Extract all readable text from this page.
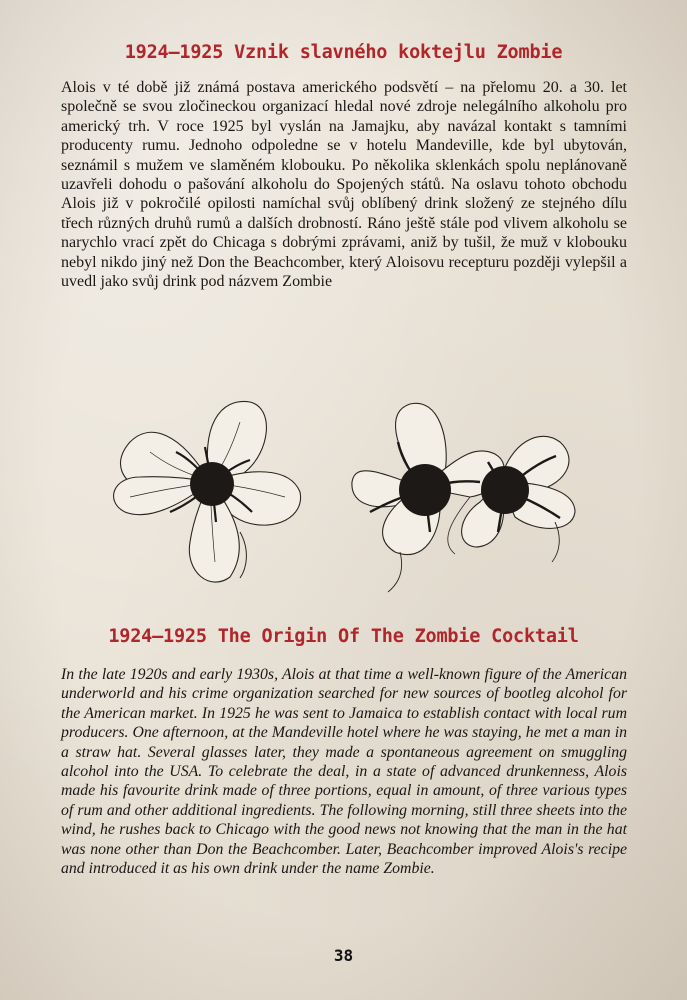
1924—1925 Vznik slavného koktejlu Zombie

Alois v té době již známá postava amerického podsvětí – na přelomu 20. a 30. let společně se svou zločineckou organizací hledal nové zdroje nelegálního alkoholu pro americký trh. V roce 1925 byl vyslán na Jamajku, aby navázal kontakt s tamními producenty rumu. Jednoho odpoledne se v hotelu Mandeville, kde byl ubytován, seznámil s mužem ve slaměném klobouku. Po několika sklenkách spolu neplánovaně uzavřeli dohodu o pašování alkoholu do Spojených států. Na oslavu tohoto obchodu Alois již v pokročilé opilosti namíchal svůj oblíbený drink složený ze stejného dílu třech různých druhů rumů a dalších drobností. Ráno ještě stále pod vlivem alkoholu se narychlo vrací zpět do Chicaga s dobrými zprávami, aniž by tušil, že muž v klobouku nebyl nikdo jiný než Don the Beachcomber, který Aloisovu recepturu později vylepšil a uvedl jako svůj drink pod názvem Zombie

1924—1925 The Origin Of The Zombie Cocktail

In the late 1920s and early 1930s, Alois at that time a well-known figure of the American underworld and his crime organization searched for new sources of bootleg alcohol for the American market. In 1925 he was sent to Jamaica to establish contact with local rum producers. One afternoon, at the Mandeville hotel where he was staying, he met a man in a straw hat. Several glasses later, they made a spontaneous agreement on smuggling alcohol into the USA. To celebrate the deal, in a state of advanced drunkenness, Alois made his favourite drink made of three portions, equal in amount, of three various types of rum and other additional ingredients. The following morning, still three sheets into the wind, he rushes back to Chicago with the good news not knowing that the man in the hat was none other than Don the Beachcomber. Later, Beachcomber improved Alois's recipe and introduced it as his own drink under the name Zombie.

38
